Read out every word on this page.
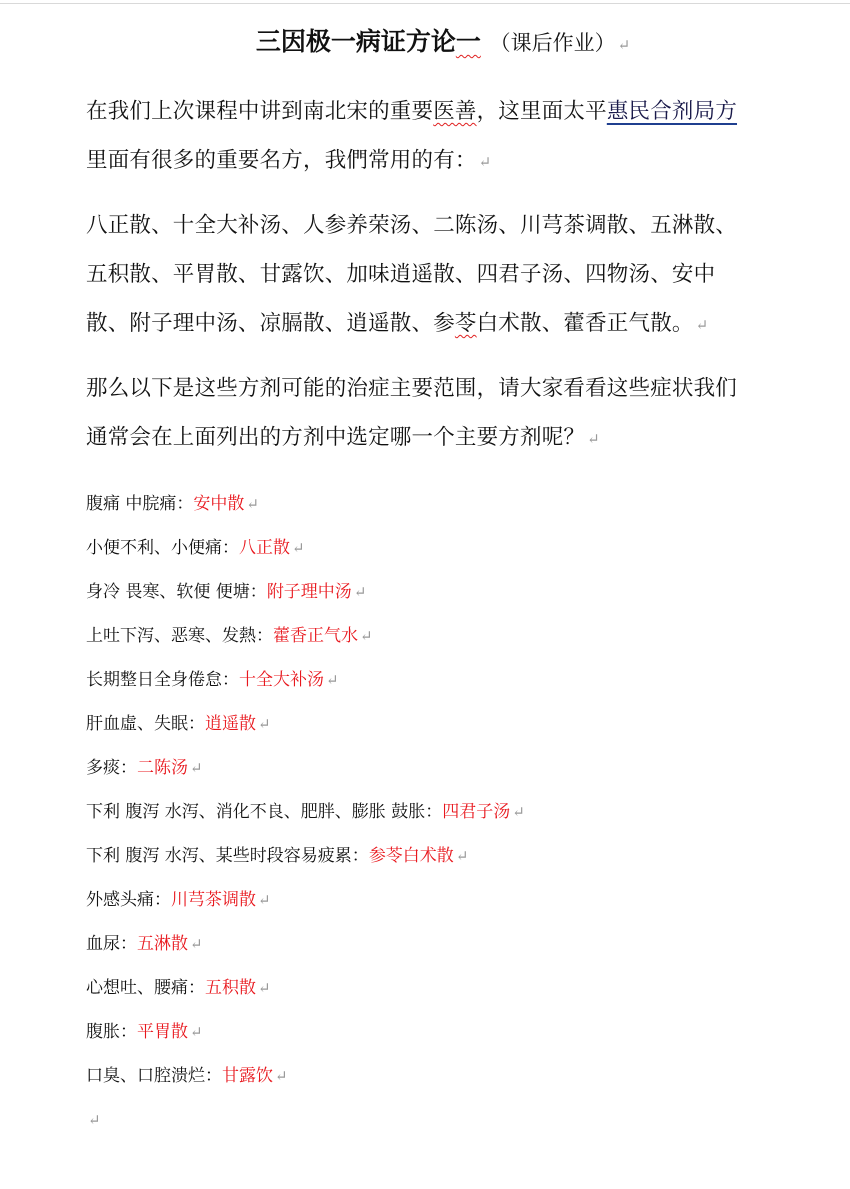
三因极一病证方论一 （课后作业） ↵

在我们上次课程中讲到南北宋的重要医善，这里面太平惠民合剂局方里面有很多的重要名方，我們常用的有： ↵

八正散、十全大补汤、人参养荣汤、二陈汤、川芎茶调散、五淋散、五积散、平胃散、甘露饮、加味逍遥散、四君子汤、四物汤、安中散、附子理中汤、凉膈散、逍遥散、参苓白术散、藿香正气散。 ↵

那么以下是这些方剂可能的治症主要范围，请大家看看这些症状我们通常会在上面列出的方剂中选定哪一个主要方剂呢？ ↵

腹痛 中脘痛：安中散 ↵
小便不利、小便痛：八正散 ↵
身冷 畏寒、软便 便塘：附子理中汤 ↵
上吐下泻、恶寒、发熱：藿香正气水 ↵
长期整日全身倦怠：十全大补汤 ↵
肝血虛、失眠：逍遥散 ↵
多痰：二陈汤 ↵
下利 腹泻 水泻、消化不良、肥胖、膨胀 鼓胀：四君子汤 ↵
下利 腹泻 水泻、某些时段容易疲累：参苓白术散 ↵
外感头痛：川芎茶调散 ↵
血尿：五淋散 ↵
心想吐、腰痛：五积散 ↵
腹胀：平胃散 ↵
口臭、口腔溃烂：甘露饮 ↵
↵
